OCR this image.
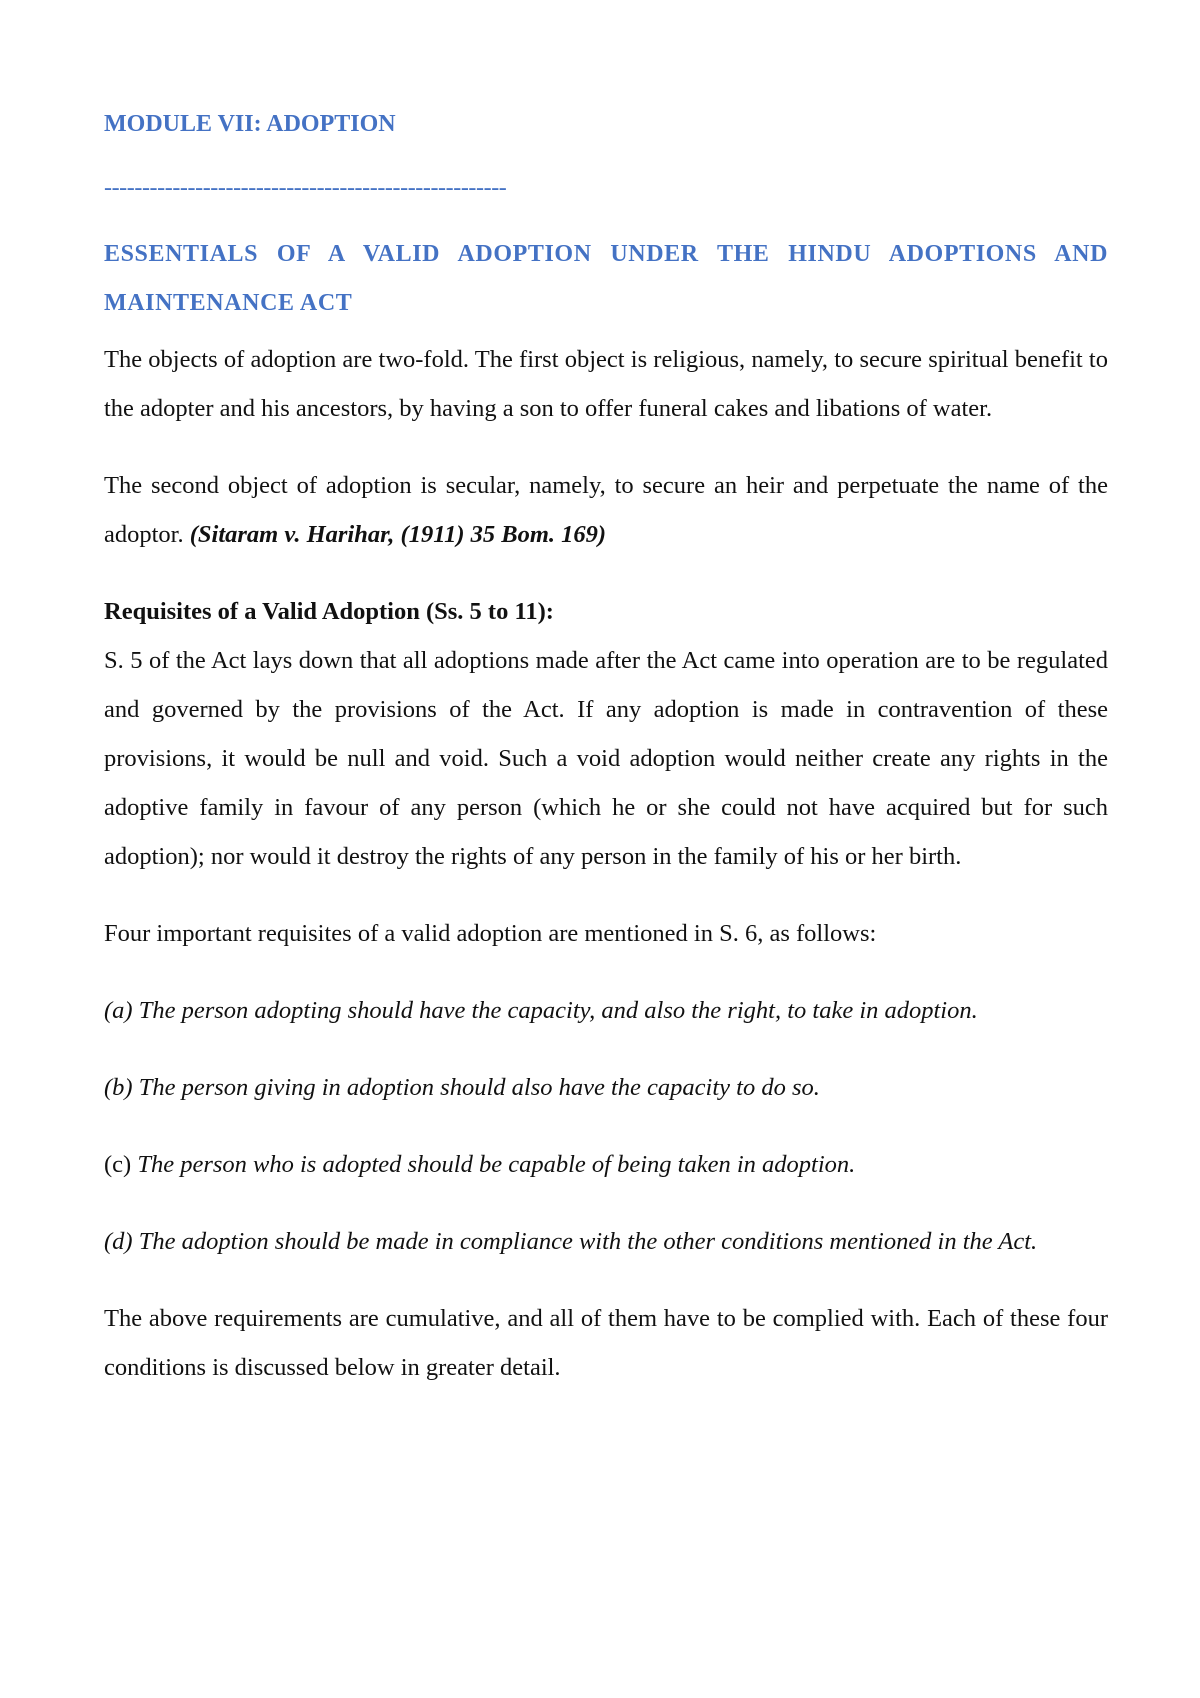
MODULE VII: ADOPTION
-----------------------------------------------------
ESSENTIALS OF A VALID ADOPTION UNDER THE HINDU ADOPTIONS AND MAINTENANCE ACT

The objects of adoption are two-fold. The first object is religious, namely, to secure spiritual benefit to the adopter and his ancestors, by having a son to offer funeral cakes and libations of water.

The second object of adoption is secular, namely, to secure an heir and perpetuate the name of the adoptor. (Sitaram v. Harihar, (1911) 35 Bom. 169)

Requisites of a Valid Adoption (Ss. 5 to 11):

S. 5 of the Act lays down that all adoptions made after the Act came into operation are to be regulated and governed by the provisions of the Act. If any adoption is made in contravention of these provisions, it would be null and void. Such a void adoption would neither create any rights in the adoptive family in favour of any person (which he or she could not have acquired but for such adoption); nor would it destroy the rights of any person in the family of his or her birth.

Four important requisites of a valid adoption are mentioned in S. 6, as follows:

(a) The person adopting should have the capacity, and also the right, to take in adoption.

(b) The person giving in adoption should also have the capacity to do so.

(c) The person who is adopted should be capable of being taken in adoption.

(d) The adoption should be made in compliance with the other conditions mentioned in the Act.

The above requirements are cumulative, and all of them have to be complied with. Each of these four conditions is discussed below in greater detail.
